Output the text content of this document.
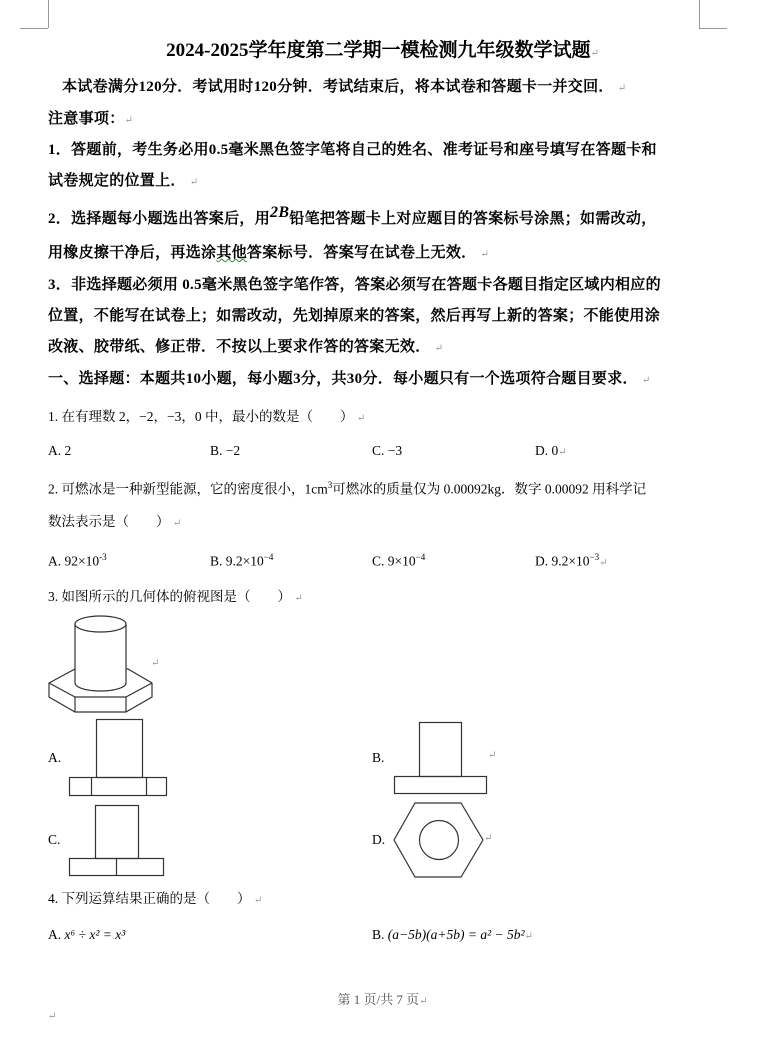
2024-2025学年度第二学期一模检测九年级数学试题↵
本试卷满分120分．考试用时120分钟．考试结束后，将本试卷和答题卡一并交回． ↵
注意事项：↵
1．答题前，考生务必用0.5毫米黑色签字笔将自己的姓名、准考证号和座号填写在答题卡和
试卷规定的位置上． ↵
2．选择题每小题选出答案后，用2B铅笔把答题卡上对应题目的答案标号涂黑；如需改动，
用橡皮擦干净后，再选涂其他答案标号．答案写在试卷上无效． ↵
3．非选择题必须用 0.5毫米黑色签字笔作答，答案必须写在答题卡各题目指定区域内相应的
位置，不能写在试卷上；如需改动，先划掉原来的答案，然后再写上新的答案；不能使用涂
改液、胶带纸、修正带．不按以上要求作答的答案无效． ↵
一、选择题：本题共10小题，每小题3分，共30分．每小题只有一个选项符合题目要求． ↵
1. 在有理数 2，−2，−3，0 中，最小的数是（　　） ↵
A. 2	B. −2	C. −3	D. 0↵
2. 可燃冰是一种新型能源，它的密度很小，$1cm^3$可燃冰的质量仅为 0.00092kg．数字 0.00092 用科学记
数法表示是（　　） ↵
A. $92\times 10^{-3}$	B. $9.2\times 10^{-4}$	C. $9\times 10^{-4}$	D. $9.2\times 10^{-3}↵$
3. 如图所示的几何体的俯视图是（　　） ↵
↵
A.	B.	↵
C.	D.	↵
4. 下列运算结果正确的是（　　） ↵
A. x⁶ ÷ x² = x³	B. (a−5b)(a+5b) = a² − 5b²↵
第 1 页/共 7 页↵
↵
